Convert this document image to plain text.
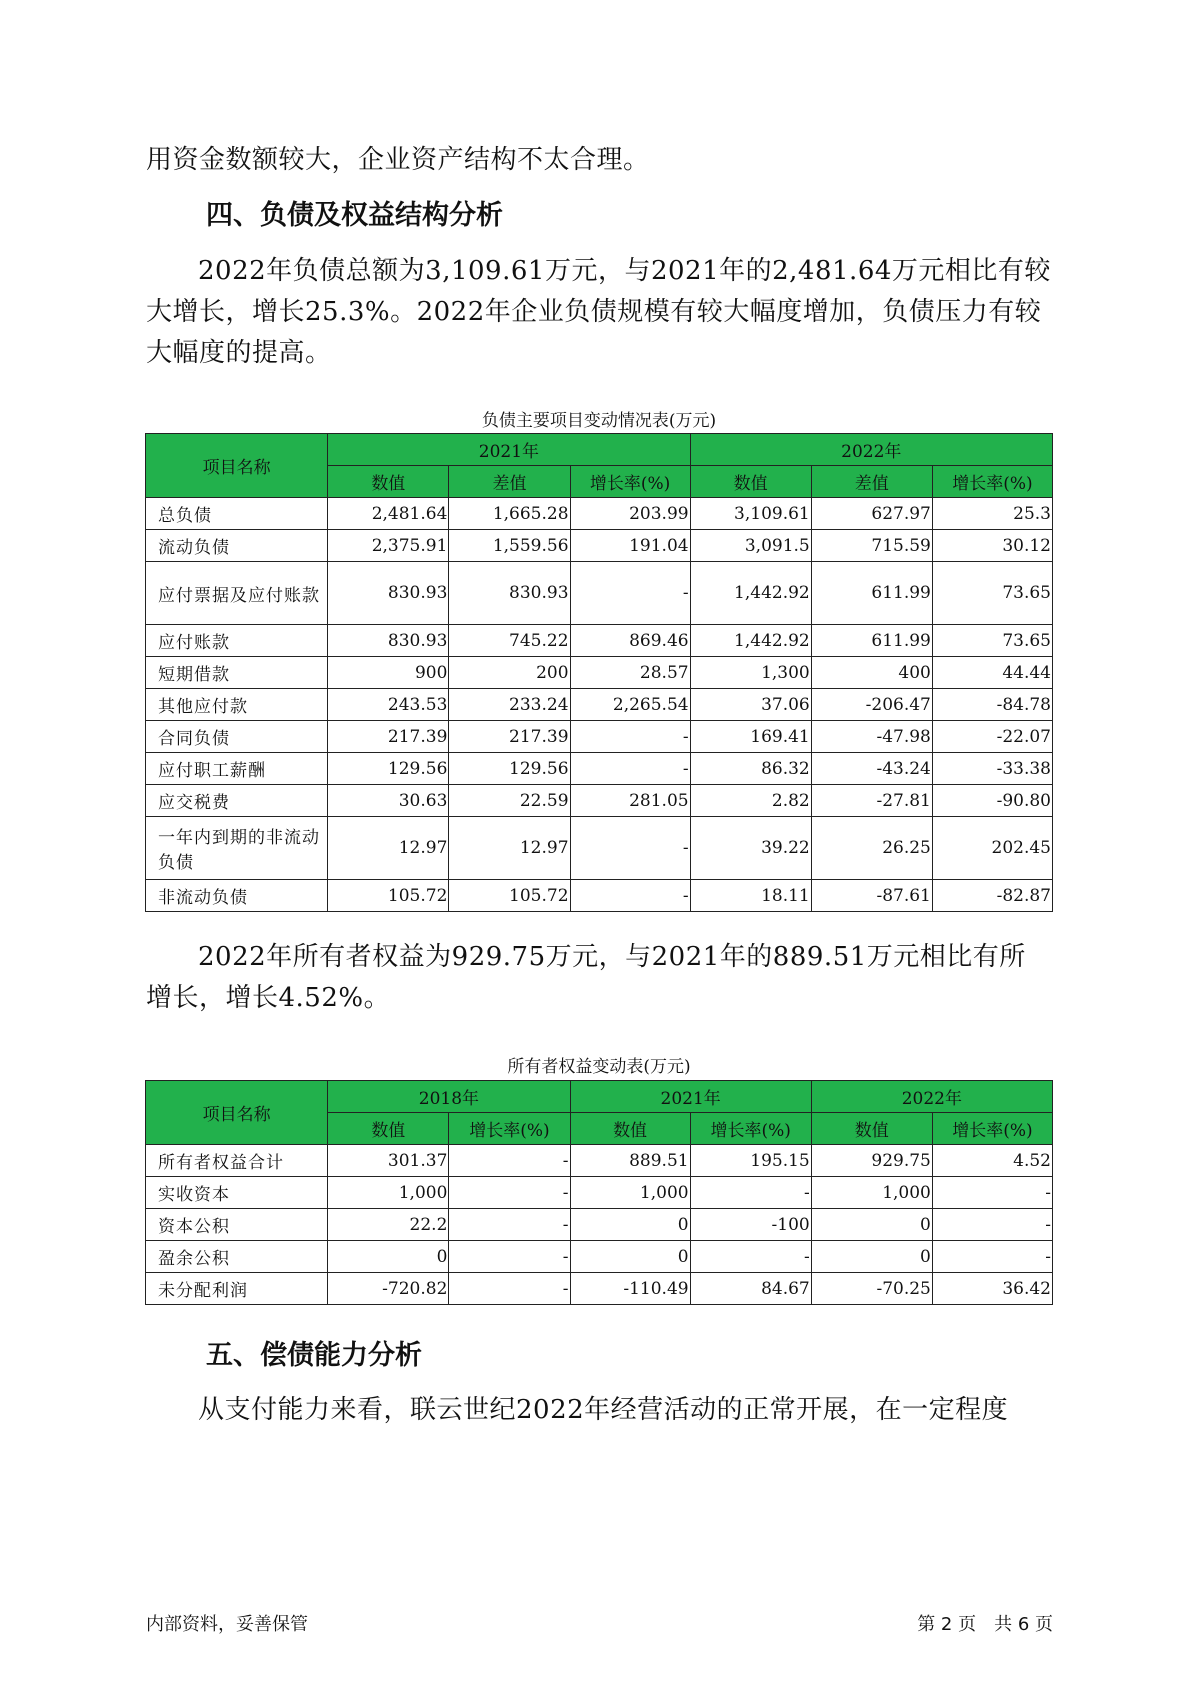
用资金数额较大，企业资产结构不太合理。

四、负债及权益结构分析

2022年负债总额为3,109.61万元，与2021年的2,481.64万元相比有较大增长，增长25.3%。2022年企业负债规模有较大幅度增加，负债压力有较大幅度的提高。

负债主要项目变动情况表(万元)
项目名称	2021年			2022年		
	数值	差值	增长率(%)	数值	差值	增长率(%)
总负债	2,481.64	1,665.28	203.99	3,109.61	627.97	25.3
流动负债	2,375.91	1,559.56	191.04	3,091.5	715.59	30.12
应付票据及应付账款	830.93	830.93	-	1,442.92	611.99	73.65
应付账款	830.93	745.22	869.46	1,442.92	611.99	73.65
短期借款	900	200	28.57	1,300	400	44.44
其他应付款	243.53	233.24	2,265.54	37.06	-206.47	-84.78
合同负债	217.39	217.39	-	169.41	-47.98	-22.07
应付职工薪酬	129.56	129.56	-	86.32	-43.24	-33.38
应交税费	30.63	22.59	281.05	2.82	-27.81	-90.80
一年内到期的非流动负债	12.97	12.97	-	39.22	26.25	202.45
非流动负债	105.72	105.72	-	18.11	-87.61	-82.87

2022年所有者权益为929.75万元，与2021年的889.51万元相比有所增长，增长4.52%。

所有者权益变动表(万元)
项目名称	2018年		2021年		2022年	
	数值	增长率(%)	数值	增长率(%)	数值	增长率(%)
所有者权益合计	301.37	-	889.51	195.15	929.75	4.52
实收资本	1,000	-	1,000	-	1,000	-
资本公积	22.2	-	0	-100	0	-
盈余公积	0	-	0	-	0	-
未分配利润	-720.82	-	-110.49	84.67	-70.25	36.42
五、偿债能力分析

从支付能力来看，联云世纪2022年经营活动的正常开展，在一定程度

内部资料，妥善保管	第 2 页　共 6 页
